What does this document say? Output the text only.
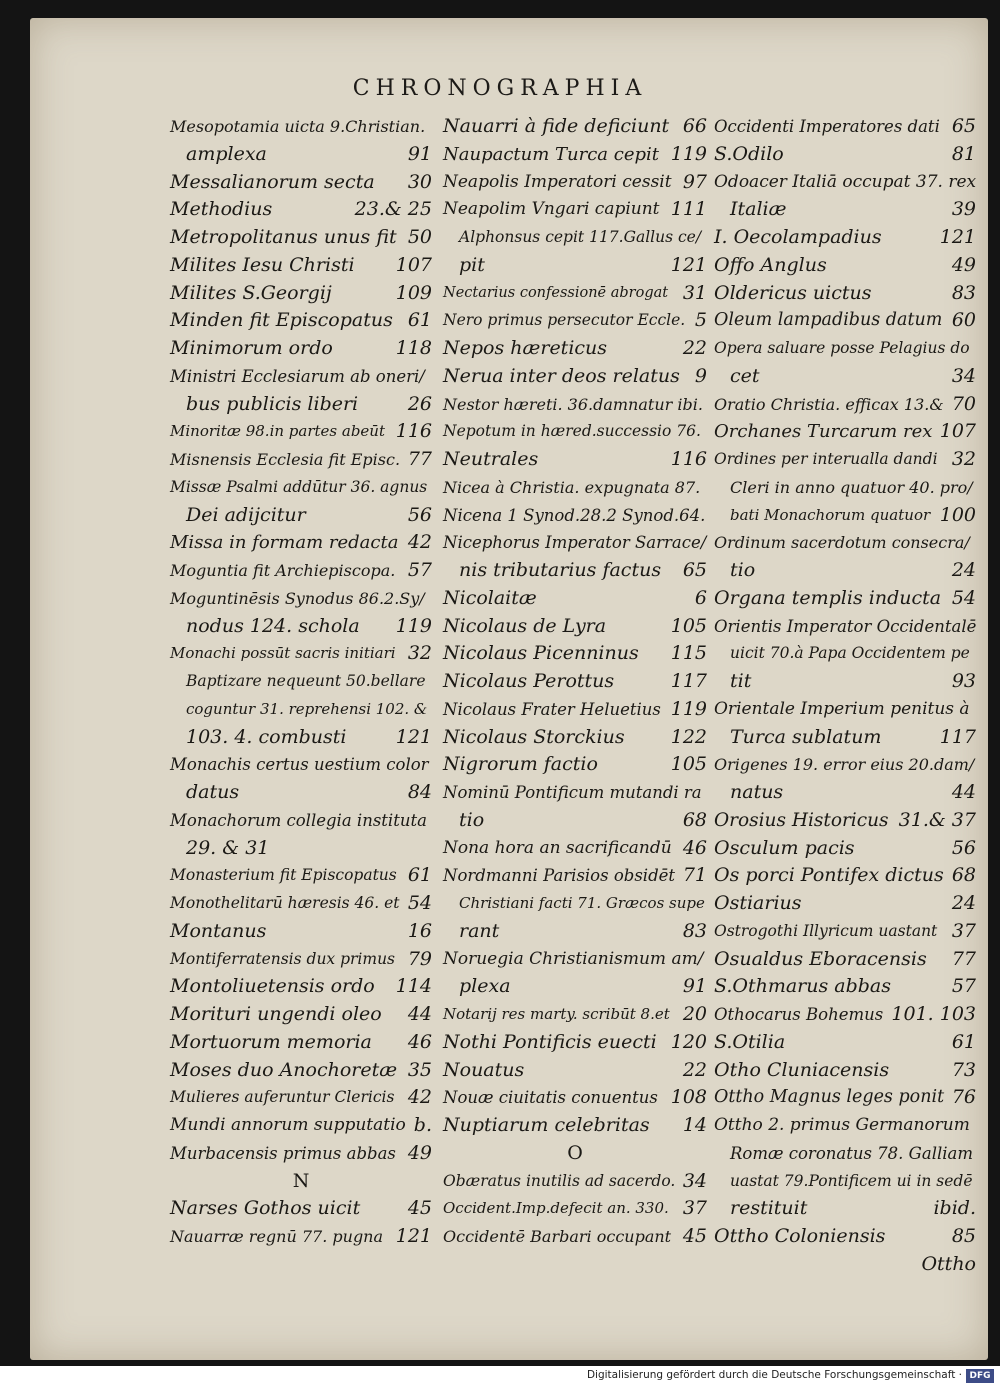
CHRONOGRAPHIA
Mesopotamia uicta 9.Christian.
amplexa	91
Messalianorum secta 30
Methodius	23.& 25
Metropolitanus unus fit 50
Milites Iesu Christi 107
Milites S.Georgij	109
Minden fit Episcopatus 61
Minimorum ordo	118
Ministri Ecclesiarum ab oneri/
bus publicis liberi	26
Minoritæ 98.in partes abeūt 116
Misnensis Ecclesia fit Episc. 77
Missæ Psalmi addūtur 36. agnus
Dei adijcitur	56
Missa in formam redacta 42
Moguntia fit Archiepiscopa. 57
Moguntinēsis Synodus 86.2.Sy/
nodus 124. schola 119
Monachi possūt sacris initiari 32
Baptizare nequeunt 50.bellare
coguntur 31. reprehensi 102. &
103. 4. combusti	121
Monachis certus uestium color
datus	84
Monachorum collegia instituta
29. & 31
Monasterium fit Episcopatus 61
Monothelitarū hæresis 46. et 54
Montanus	16
Montiferratensis dux primus 79
Montoliuetensis ordo 114
Morituri ungendi oleo 44
Mortuorum memoria 46
Moses duo Anochoretæ 35
Mulieres auferuntur Clericis 42
Mundi annorum supputatio b.
Murbacensis primus abbas 49
N
Narses Gothos uicit	45
Nauarræ regnū 77. pugna 121
Nauarri à fide deficiunt 66
Naupactum Turca cepit 119
Neapolis Imperatori cessit 97
Neapolim Vngari capiunt 111
Alphonsus cepit 117.Gallus ce/
pit	121
Nectarius confessionē abrogat 31
Nero primus persecutor Eccle. 5
Nepos hæreticus	22
Nerua inter deos relatus 9
Nestor hæreti. 36.damnatur ibi.
Nepotum in hæred.successio 76.
Neutrales	116
Nicea à Christia. expugnata 87.
Nicena 1 Synod.28.2 Synod.64.
Nicephorus Imperator Sarrace/
nis tributarius factus 65
Nicolaitæ	6
Nicolaus de Lyra	105
Nicolaus Picenninus 115
Nicolaus Perottus	117
Nicolaus Frater Heluetius 119
Nicolaus Storckius 122
Nigrorum factio	105
Nominū Pontificum mutandi ra
tio	68
Nona hora an sacrificandū 46
Nordmanni Parisios obsidēt 71
Christiani facti 71. Græcos supe
rant	83
Noruegia Christianismum am/
plexa	91
Notarij res marty. scribūt 8.et 20
Nothi Pontificis euecti 120
Nouatus	22
Nouæ ciuitatis conuentus 108
Nuptiarum celebritas 14
O
Obæratus inutilis ad sacerdo. 34
Occident.Imp.defecit an. 330. 37
Occidentē Barbari occupant 45
Occidenti Imperatores dati 65
S.Odilo	81
Odoacer Italiā occupat 37. rex
Italiæ	39
I. Oecolampadius	121
Offo Anglus	49
Oldericus uictus	83
Oleum lampadibus datum 60
Opera saluare posse Pelagius do
cet	34
Oratio Christia. efficax 13.& 70
Orchanes Turcarum rex 107
Ordines per interualla dandi 32
Cleri in anno quatuor 40. pro/
bati Monachorum quatuor 100
Ordinum sacerdotum consecra/
tio	24
Organa templis inducta 54
Orientis Imperator Occidentalē
uicit 70.à Papa Occidentem pe
tit	93
Orientale Imperium penitus à
Turca sublatum	117
Origenes 19. error eius 20.dam/
natus	44
Orosius Historicus 31.& 37
Osculum pacis	56
Os porci Pontifex dictus 68
Ostiarius	24
Ostrogothi Illyricum uastant 37
Osualdus Eboracensis 77
S.Othmarus abbas	57
Othocarus Bohemus 101. 103
S.Otilia	61
Otho Cluniacensis	73
Ottho Magnus leges ponit 76
Ottho 2. primus Germanorum
Romæ coronatus 78. Galliam
uastat 79.Pontificem ui in sedē
restituit	ibid.
Ottho Coloniensis	85
Ottho
Digitalisierung gefördert durch die Deutsche Forschungsgemeinschaft · DFG
